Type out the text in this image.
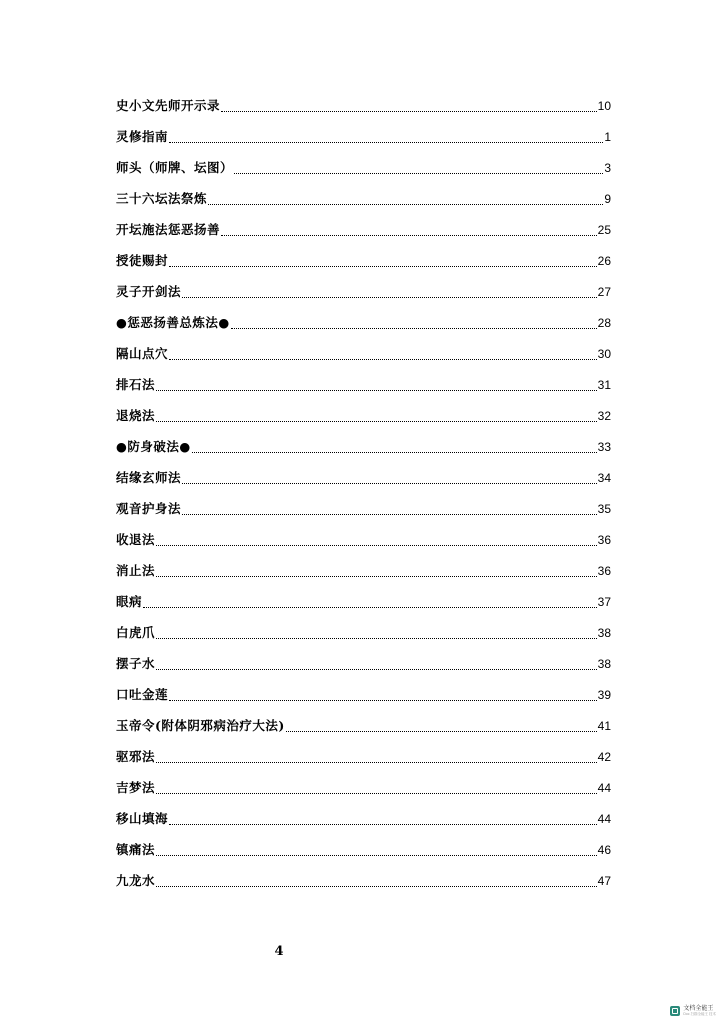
史小文先师开示录	10
灵修指南	1
师头（师牌、坛图）	3
三十六坛法祭炼	9
开坛施法惩恶扬善	25
授徒赐封	26
灵子开剑法	27
●惩恶扬善总炼法●	28
隔山点穴	30
排石法	31
退烧法	32
●防身破法●	33
结缘玄师法	34
观音护身法	35
收退法	36
消止法	36
眼病	37
白虎爪	38
摆子水	38
口吐金莲	39
玉帝令(附体阴邪病治疗大法)	41
驱邪法	42
吉梦法	44
移山填海	44
镇痛法	46
九龙水	47
4
文档全能王
Doc 扫描全能王 技术
